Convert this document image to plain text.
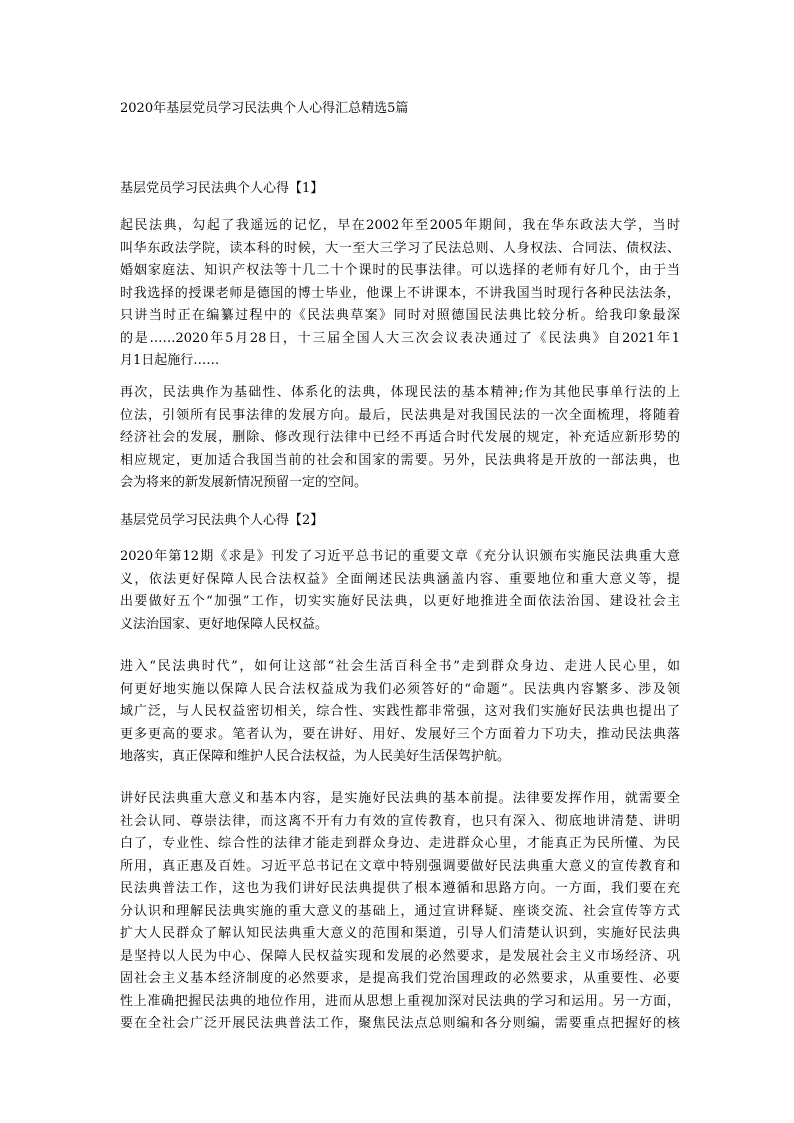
2020年基层党员学习民法典个人心得汇总精选5篇
基层党员学习民法典个人心得【1】

起民法典，勾起了我遥远的记忆，早在2002年至2005年期间，我在华东政法大学，当时
叫华东政法学院，读本科的时候，大一至大三学习了民法总则、人身权法、合同法、债权法、
婚姻家庭法、知识产权法等十几二十个课时的民事法律。可以选择的老师有好几个，由于当
时我选择的授课老师是德国的博士毕业，他课上不讲课本，不讲我国当时现行各种民法法条，
只讲当时正在编纂过程中的《民法典草案》同时对照德国民法典比较分析。给我印象最深
的是……2020年5月28日，十三届全国人大三次会议表决通过了《民法典》自2021年1
月1日起施行……

再次，民法典作为基础性、体系化的法典，体现民法的基本精神;作为其他民事单行法的上
位法，引领所有民事法律的发展方向。最后，民法典是对我国民法的一次全面梳理，将随着
经济社会的发展，删除、修改现行法律中已经不再适合时代发展的规定，补充适应新形势的
相应规定，更加适合我国当前的社会和国家的需要。另外，民法典将是开放的一部法典，也
会为将来的新发展新情况预留一定的空间。

基层党员学习民法典个人心得【2】

2020年第12期《求是》刊发了习近平总书记的重要文章《充分认识颁布实施民法典重大意
义，依法更好保障人民合法权益》全面阐述民法典涵盖内容、重要地位和重大意义等，提
出要做好五个“加强”工作，切实实施好民法典，以更好地推进全面依法治国、建设社会主
义法治国家、更好地保障人民权益。

进入“民法典时代”，如何让这部“社会生活百科全书”走到群众身边、走进人民心里，如
何更好地实施以保障人民合法权益成为我们必须答好的“命题”。民法典内容繁多、涉及领
域广泛，与人民权益密切相关，综合性、实践性都非常强，这对我们实施好民法典也提出了
更多更高的要求。笔者认为，要在讲好、用好、发展好三个方面着力下功夫，推动民法典落
地落实，真正保障和维护人民合法权益，为人民美好生活保驾护航。

讲好民法典重大意义和基本内容，是实施好民法典的基本前提。法律要发挥作用，就需要全
社会认同、尊崇法律，而这离不开有力有效的宣传教育，也只有深入、彻底地讲清楚、讲明
白了，专业性、综合性的法律才能走到群众身边、走进群众心里，才能真正为民所懂、为民
所用，真正惠及百姓。习近平总书记在文章中特别强调要做好民法典重大意义的宣传教育和
民法典普法工作，这也为我们讲好民法典提供了根本遵循和思路方向。一方面，我们要在充
分认识和理解民法典实施的重大意义的基础上，通过宣讲释疑、座谈交流、社会宣传等方式
扩大人民群众了解认知民法典重大意义的范围和渠道，引导人们清楚认识到，实施好民法典
是坚持以人民为中心、保障人民权益实现和发展的必然要求，是发展社会主义市场经济、巩
固社会主义基本经济制度的必然要求，是提高我们党治国理政的必然要求，从重要性、必要
性上准确把握民法典的地位作用，进而从思想上重视加深对民法典的学习和运用。另一方面，
要在全社会广泛开展民法典普法工作，聚焦民法点总则编和各分则编，需要重点把握好的核
